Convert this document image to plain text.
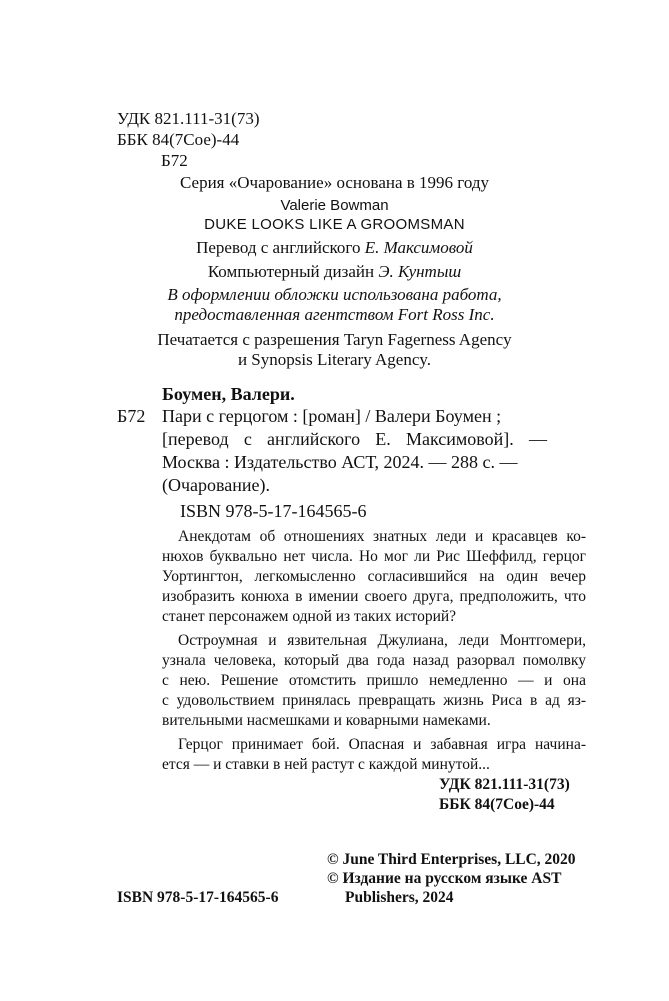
УДК 821.111-31(73)
ББК 84(7Сое)-44
Б72
Серия «Очарование» основана в 1996 году
Valerie Bowman
DUKE LOOKS LIKE A GROOMSMAN
Перевод с английского Е. Максимовой
Компьютерный дизайн Э. Кунтыш
В оформлении обложки использована работа,
предоставленная агентством Fort Ross Inc.
Печатается с разрешения Taryn Fagerness Agency
и Synopsis Literary Agency.
Боумен, Валери.
Б72 Пари с герцогом : [роман] / Валери Боумен ;
[перевод с английского Е. Максимовой]. —
Москва : Издательство АСТ, 2024. — 288 с. —
(Очарование).
ISBN 978-5-17-164565-6
Анекдотам об отношениях знатных леди и красавцев ко-
нюхов буквально нет числа. Но мог ли Рис Шеффилд, герцог
Уортингтон, легкомысленно согласившийся на один вечер
изобразить конюха в имении своего друга, предположить, что
станет персонажем одной из таких историй?
Остроумная и язвительная Джулиана, леди Монтгомери,
узнала человека, который два года назад разорвал помолвку
с нею. Решение отомстить пришло немедленно — и она
с удовольствием принялась превращать жизнь Риса в ад яз-
вительными насмешками и коварными намеками.
Герцог принимает бой. Опасная и забавная игра начина-
ется — и ставки в ней растут с каждой минутой...
УДК 821.111-31(73)
ББК 84(7Сое)-44
© June Third Enterprises, LLC, 2020
© Издание на русском языке AST
Publishers, 2024
ISBN 978-5-17-164565-6
